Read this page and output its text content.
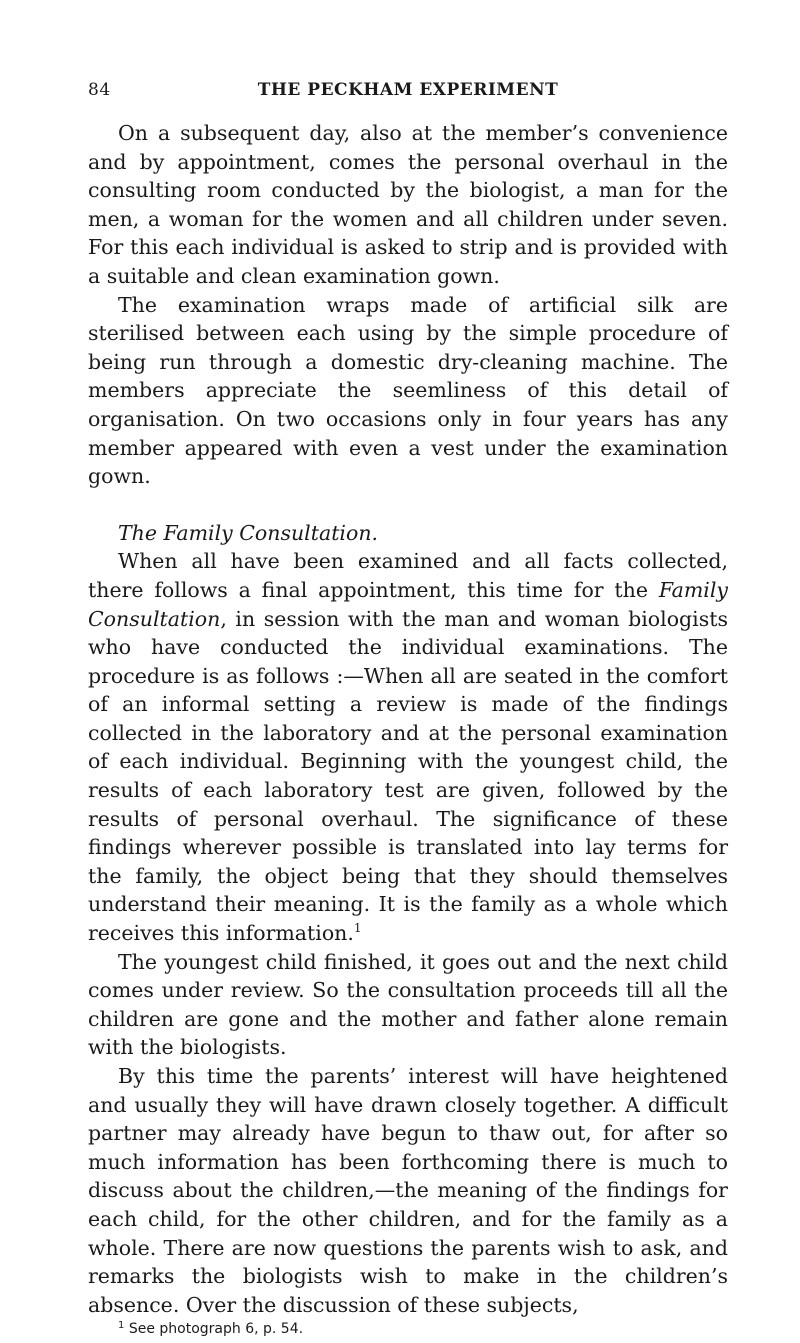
84	THE PECKHAM EXPERIMENT

On a subsequent day, also at the member’s convenience and by appointment, comes the personal overhaul in the consulting room conducted by the biologist, a man for the men, a woman for the women and all children under seven. For this each individual is asked to strip and is provided with a suitable and clean examination gown.

The examination wraps made of artificial silk are sterilised between each using by the simple procedure of being run through a domestic dry-cleaning machine. The members appreciate the seemliness of this detail of organisation. On two occasions only in four years has any member appeared with even a vest under the examination gown.

The Family Consultation.

When all have been examined and all facts collected, there follows a final appointment, this time for the Family Consultation, in session with the man and woman biologists who have conducted the individual examinations. The procedure is as follows :—When all are seated in the comfort of an informal setting a review is made of the findings collected in the laboratory and at the personal examination of each individual. Beginning with the youngest child, the results of each laboratory test are given, followed by the results of personal overhaul. The significance of these findings wherever possible is translated into lay terms for the family, the object being that they should themselves understand their meaning. It is the family as a whole which receives this information.$^1$

The youngest child finished, it goes out and the next child comes under review. So the consultation proceeds till all the children are gone and the mother and father alone remain with the biologists.

By this time the parents’ interest will have heightened and usually they will have drawn closely together. A difficult partner may already have begun to thaw out, for after so much information has been forthcoming there is much to discuss about the children,—the meaning of the findings for each child, for the other children, and for the family as a whole. There are now questions the parents wish to ask, and remarks the biologists wish to make in the children’s absence. Over the discussion of these subjects,

$^1$ See photograph 6, p. 54.
